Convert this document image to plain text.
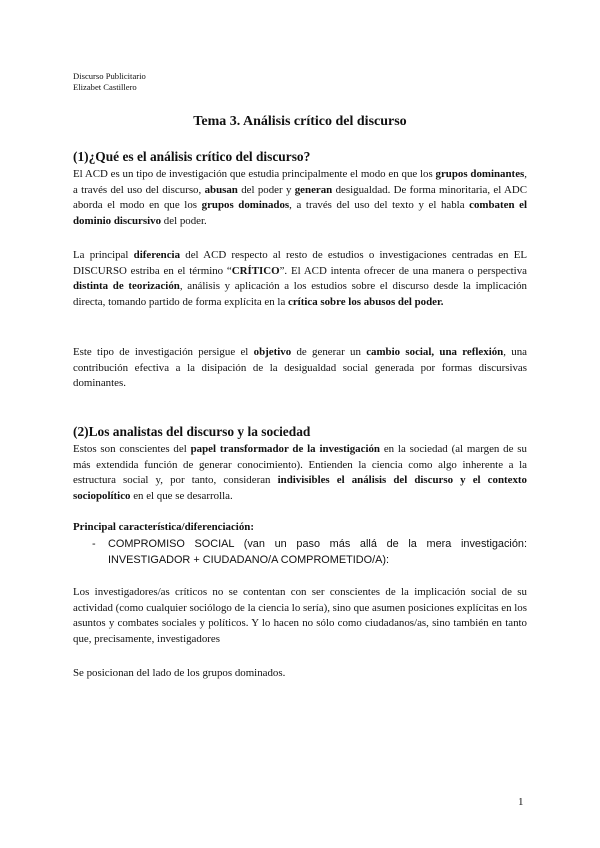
Discurso Publicitario
Elizabet Castillero
Tema 3. Análisis crítico del discurso
(1)¿Qué es el análisis crítico del discurso?
El ACD es un tipo de investigación que estudia principalmente el modo en que los grupos dominantes, a través del uso del discurso, abusan del poder y generan desigualdad. De forma minoritaria, el ADC aborda el modo en que los grupos dominados, a través del uso del texto y el habla combaten el dominio discursivo del poder.
La principal diferencia del ACD respecto al resto de estudios o investigaciones centradas en EL DISCURSO estriba en el término “CRÍTICO”. El ACD intenta ofrecer de una manera o perspectiva distinta de teorización, análisis y aplicación a los estudios sobre el discurso desde la implicación directa, tomando partido de forma explícita en la crítica sobre los abusos del poder.
Este tipo de investigación persigue el objetivo de generar un cambio social, una reflexión, una contribución efectiva a la disipación de la desigualdad social generada por formas discursivas dominantes.
(2)Los analistas del discurso y la sociedad
Estos son conscientes del papel transformador de la investigación en la sociedad (al margen de su más extendida función de generar conocimiento). Entienden la ciencia como algo inherente a la estructura social y, por tanto, consideran indivisibles el análisis del discurso y el contexto sociopolítico en el que se desarrolla.
Principal característica/diferenciación:
- COMPROMISO SOCIAL (van un paso más allá de la mera investigación: INVESTIGADOR + CIUDADANO/A COMPROMETIDO/A):
Los investigadores/as críticos no se contentan con ser conscientes de la implicación social de su actividad (como cualquier sociólogo de la ciencia lo sería), sino que asumen posiciones explícitas en los asuntos y combates sociales y políticos. Y lo hacen no sólo como ciudadanos/as, sino también en tanto que, precisamente, investigadores
Se posicionan del lado de los grupos dominados.
1
